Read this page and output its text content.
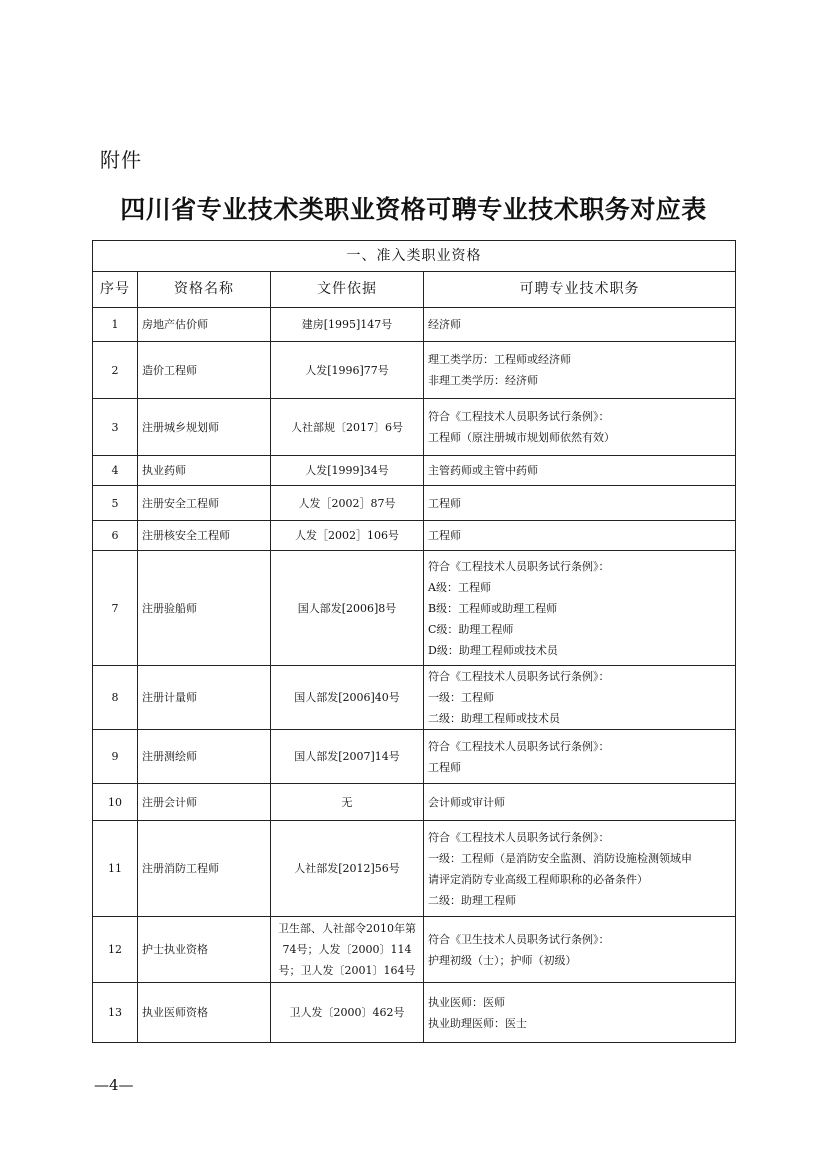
附件
四川省专业技术类职业资格可聘专业技术职务对应表
一、准入类职业资格			
序号	资格名称	文件依据	可聘专业技术职务
1	房地产估价师	建房[1995]147号	经济师

2	造价工程师	人发[1996]77号	理工类学历：工程师或经济师
非理工类学历：经济师

3	注册城乡规划师	人社部规〔2017〕6号	符合《工程技术人员职务试行条例》：
工程师（原注册城市规划师依然有效）

4	执业药师	人发[1999]34号	主管药师或主管中药师

5	注册安全工程师	人发［2002］87号	工程师

6	注册核安全工程师	人发［2002］106号	工程师

7	注册验船师	国人部发[2006]8号	符合《工程技术人员职务试行条例》：
A级：工程师
B级：工程师或助理工程师
C级：助理工程师
D级：助理工程师或技术员

8	注册计量师	国人部发[2006]40号	符合《工程技术人员职务试行条例》：
一级：工程师
二级：助理工程师或技术员

9	注册测绘师	国人部发[2007]14号	符合《工程技术人员职务试行条例》：
工程师

10	注册会计师	无	会计师或审计师

11	注册消防工程师	人社部发[2012]56号	符合《工程技术人员职务试行条例》：
一级：工程师（是消防安全监测、消防设施检测领域申
请评定消防专业高级工程师职称的必备条件）
二级：助理工程师

12	护士执业资格	卫生部、人社部令2010年第74号；人发〔2000〕114号；卫人发〔2001〕164号	符合《卫生技术人员职务试行条例》：
护理初级（士）；护师（初级）

13	执业医师资格	卫人发〔2000〕462号	执业医师：医师
执业助理医师：医士
—4—
